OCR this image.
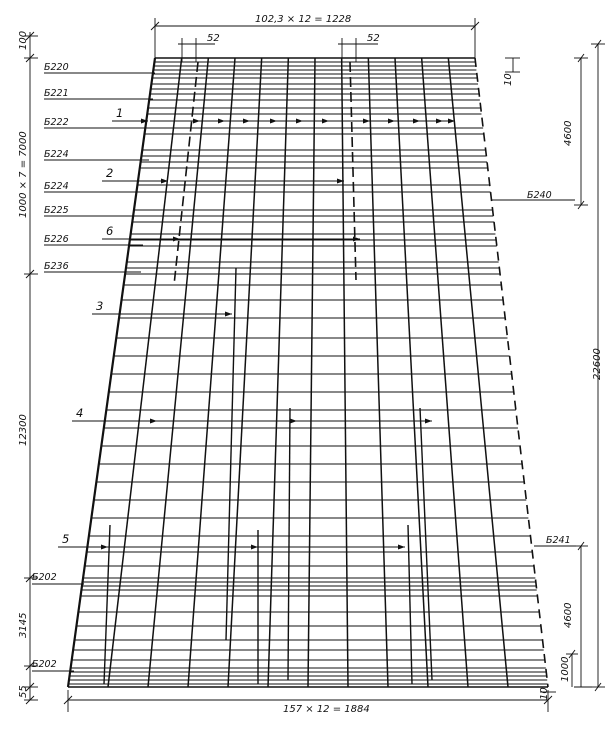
Б220
Б221
Б222
Б224
Б224
Б225
Б226
Б236
Б202
Б202
Б240
Б241
1
2
6
3
4
5
102,3 × 12 = 1228
52	52
157 × 12 = 1884
100
1000 × 7 = 7000
12300
3145
55
10
4600
22600
4600
1000
10
